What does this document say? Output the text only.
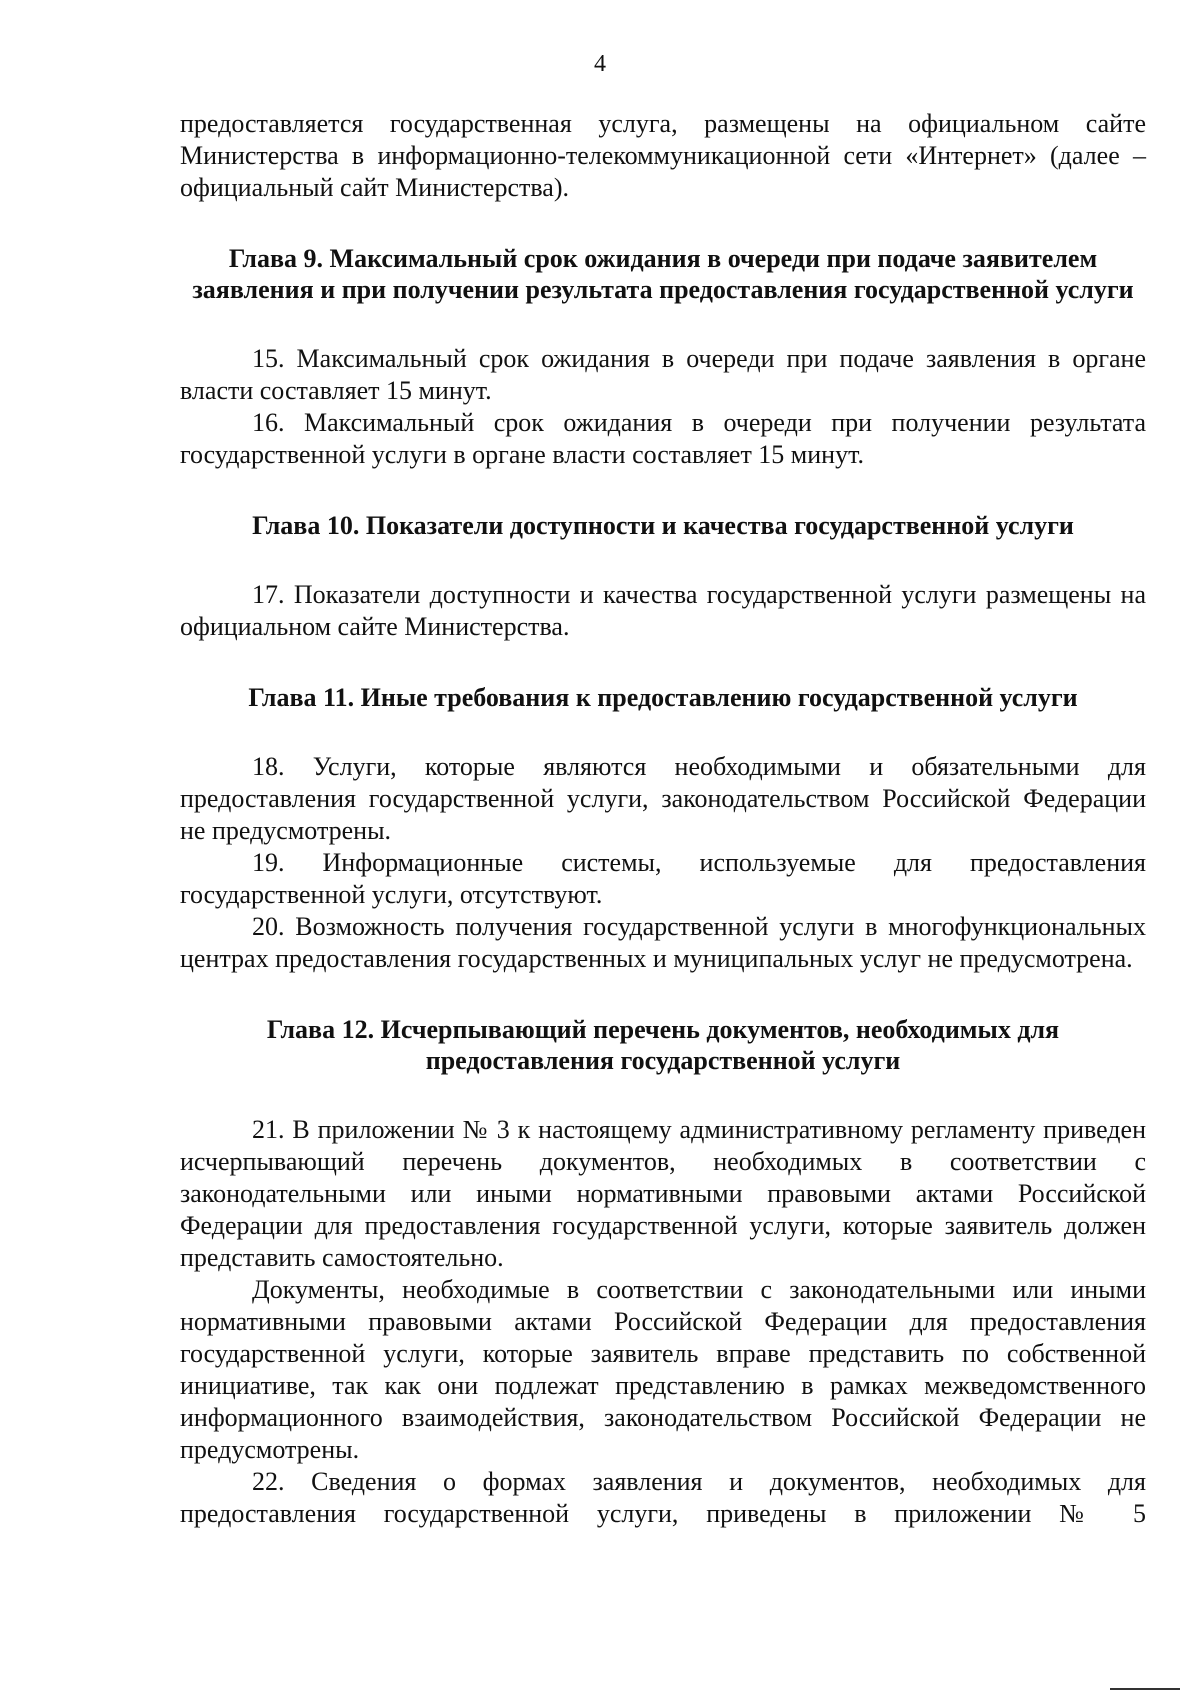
4

предоставляется государственная услуга, размещены на официальном сайте Министерства в информационно-телекоммуникационной сети «Интернет» (далее – официальный сайт Министерства).

Глава 9. Максимальный срок ожидания в очереди при подаче заявителем заявления и при получении результата предоставления государственной услуги

15. Максимальный срок ожидания в очереди при подаче заявления в органе власти составляет 15 минут.

16. Максимальный срок ожидания в очереди при получении результата государственной услуги в органе власти составляет 15 минут.

Глава 10. Показатели доступности и качества государственной услуги

17. Показатели доступности и качества государственной услуги размещены на официальном сайте Министерства.

Глава 11. Иные требования к предоставлению государственной услуги

18. Услуги, которые являются необходимыми и обязательными для предоставления государственной услуги, законодательством Российской Федерации не предусмотрены.

19. Информационные системы, используемые для предоставления государственной услуги, отсутствуют.

20. Возможность получения государственной услуги в многофункциональных центрах предоставления государственных и муниципальных услуг не предусмотрена.

Глава 12. Исчерпывающий перечень документов, необходимых для предоставления государственной услуги

21. В приложении № 3 к настоящему административному регламенту приведен исчерпывающий перечень документов, необходимых в соответствии с законодательными или иными нормативными правовыми актами Российской Федерации для предоставления государственной услуги, которые заявитель должен представить самостоятельно.

Документы, необходимые в соответствии с законодательными или иными нормативными правовыми актами Российской Федерации для предоставления государственной услуги, которые заявитель вправе представить по собственной инициативе, так как они подлежат представлению в рамках межведомственного информационного взаимодействия, законодательством Российской Федерации не предусмотрены.

22. Сведения о формах заявления и документов, необходимых для предоставления государственной услуги, приведены в приложении № 5
